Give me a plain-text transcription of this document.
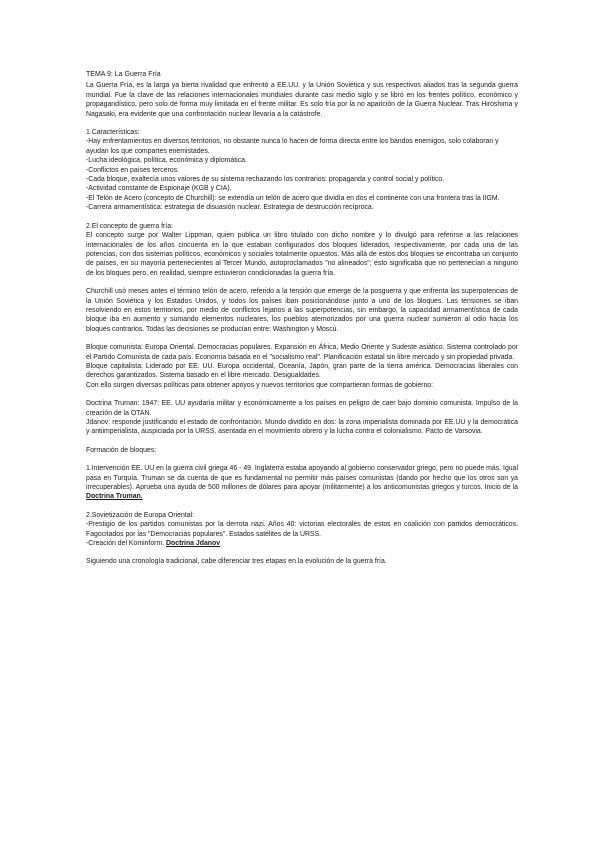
TEMA 9: La Guerra Fría

La Guerra Fría, es la larga ya bierta rivalidad que enfrentó a EE.UU. y la Unión Soviética y sus respectivos aliados tras la segunda guerra mundial. Fue la clave de las relaciones internacionales mundiales durante casi medio siglo y se libró en los frentes político, económico y propagandístico, pero solo de forma muy limitada en el frente militar. Es solo fría por la no aparición de la Guerra Nuclear. Tras Hiroshima y Nagasaki, era evidente que una confrontación nuclear llevaría a la catástrofe.

1.Características:

-Hay enfrentamientos en diversos territorios, no obstante nunca lo hacen de forma directa entre los bandos enemigos, solo colaboran y ayudan los que compartes enemistades.

-Lucha ideológica, política, económica y diplomática.

-Conflictos en países terceros.

-Cada bloque, exaltecía unos valores de su sistema rechazando los contrarios: propaganda y control social y político.

-Actividad constante de Espionaje (KGB y CIA).

-El Telón de Acero (concepto de Churchill): se extendía un telón de acero que dividía en dos el continente con una frontera tras la IIGM.

-Carrera armamentística: estrategia de disuasión nuclear. Estrategia de destrucción recíproca.

2.El concepto de guerra fría:

El concepto surge por Walter Lippman, quien publica un libro titulado con dicho nombre y lo divulgó para referirse a las relaciones internacionales de los años cincuenta en la que estaban configurados dos bloques liderados, respectivamente, por cada una de las potencias, con dos sistemas políticos, económicos y sociales totalmente opuestos. Más allá de estos dos bloques se encontraba un conjunto de países, en su mayoría pertenecientes al Tercer Mundo, autoproclamados "no alineados"; esto significaba que no pertenecían a ninguno de los bloques pero, en realidad, siempre estuvieron condicionadas la guerra fría.

Churchill usó meses antes el término telón de acero, referido a la tensión que emerge de la posguerra y que enfrenta las superpotencias de la Unión Soviética y los Estados Unidos, y todos los países iban posicionándose junto a uno de los bloques. Las tensiones se iban resolviendo en estos territorios, por medio de conflictos lejanos a las superpotencias, sin embargo, la capacidad armamentística de cada bloque iba en aumento y sumando elementos nucleares, los pueblos atemorizados por una guerra nuclear sumieron al odio hacia los bloques contrarios. Todas las decisiones se producían entre: Washington y Moscú.

Bloque comunista: Europa Oriental. Democracias populares. Expansión en África, Medio Oriente y Sudeste asiático. Sistema controlado por el Partido Comunista de cada país. Economía basada en el "socialismo real". Planificación estatal sin libre mercado y sin propiedad privada.

Bloque capitalista: Liderado por EE. UU. Europa occidental, Oceanía, Japón, gran parte de la tierra américa. Democracias liberales con derechos garantizados. Sistema basado en el libre mercado. Desigualdades.

Con ello surgen diversas políticas para obtener apoyos y nuevos territorios que compartieran formas de gobierno:

Doctrina Truman: 1947: EE. UU ayudaría militar y económicamente a los países en peligro de caer bajo dominio comunista. Impulso de la creación de la OTAN.

Jdanov: responde justificando el estado de confrontación. Mundo dividido en dos: la zona imperialista dominada por EE.UU y la democrática y antiimperialista, auspiciada por la URSS, asentada en el movimiento obrero y la lucha contra el colonialismo. Pacto de Varsovia.

Formación de bloques:

1.Intervención EE. UU en la guerra civil griega 46 - 49. Inglaterra estaba apoyando al gobierno conservador griego, pero no puede más. Igual pasa en Turquía. Truman se da cuenta de que es fundamental no permitir más países comunistas (dando por hecho que los otros son ya irrecuperables). Aprueba una ayuda de 500 millones de dólares para apoyar (militarmente) a los anticomunistas griegos y turcos. Inicio de la Doctrina Truman.

2.Sovietización de Europa Oriental:

-Prestigio de los partidos comunistas por la derrota nazi. Años 40: victorias electorales de estos en coalición con partidos democráticos. Fagocitados por las "Democracias populares". Estados satélites de la URSS.

-Creación del Kominform. Doctrina Jdanov

Siguiendo una cronología tradicional, cabe diferenciar tres etapas en la evolución de la guerra fría.
